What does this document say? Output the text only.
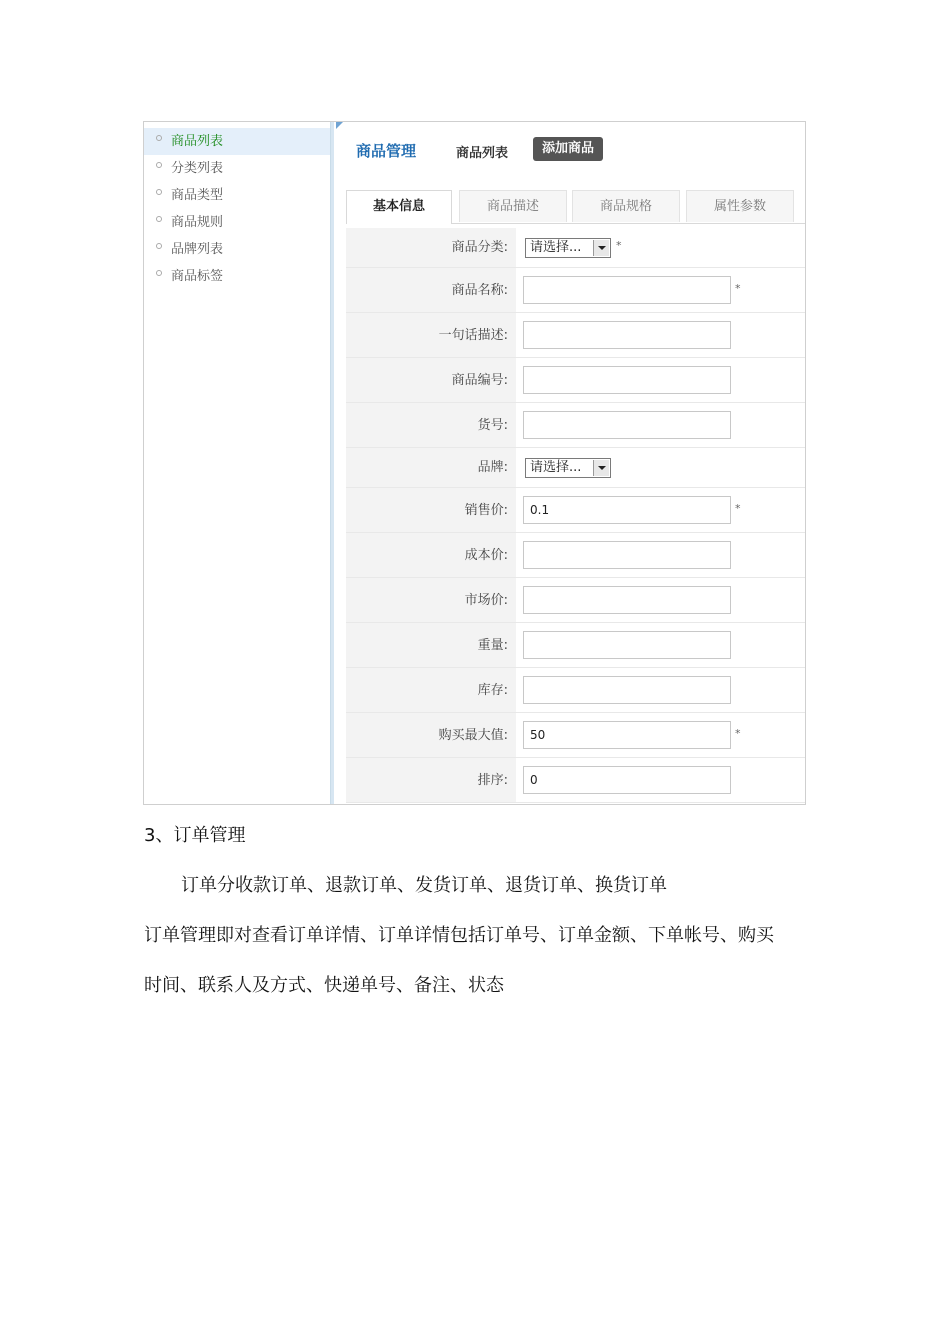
商品列表
分类列表
商品类型
商品规则
品牌列表
商品标签
商品管理	商品列表	添加商品
基本信息	商品描述	商品规格	属性参数
商品分类:	请选择...	*
商品名称:	*
一句话描述:
商品编号:
货号:
品牌:	请选择...
销售价:	0.1	*
成本价:
市场价:
重量:
库存:
购买最大值:	50	*
排序:	0
3、订单管理
订单分收款订单、退款订单、发货订单、退货订单、换货订单
订单管理即对查看订单详情、订单详情包括订单号、订单金额、下单帐号、购买
时间、联系人及方式、快递单号、备注、状态
